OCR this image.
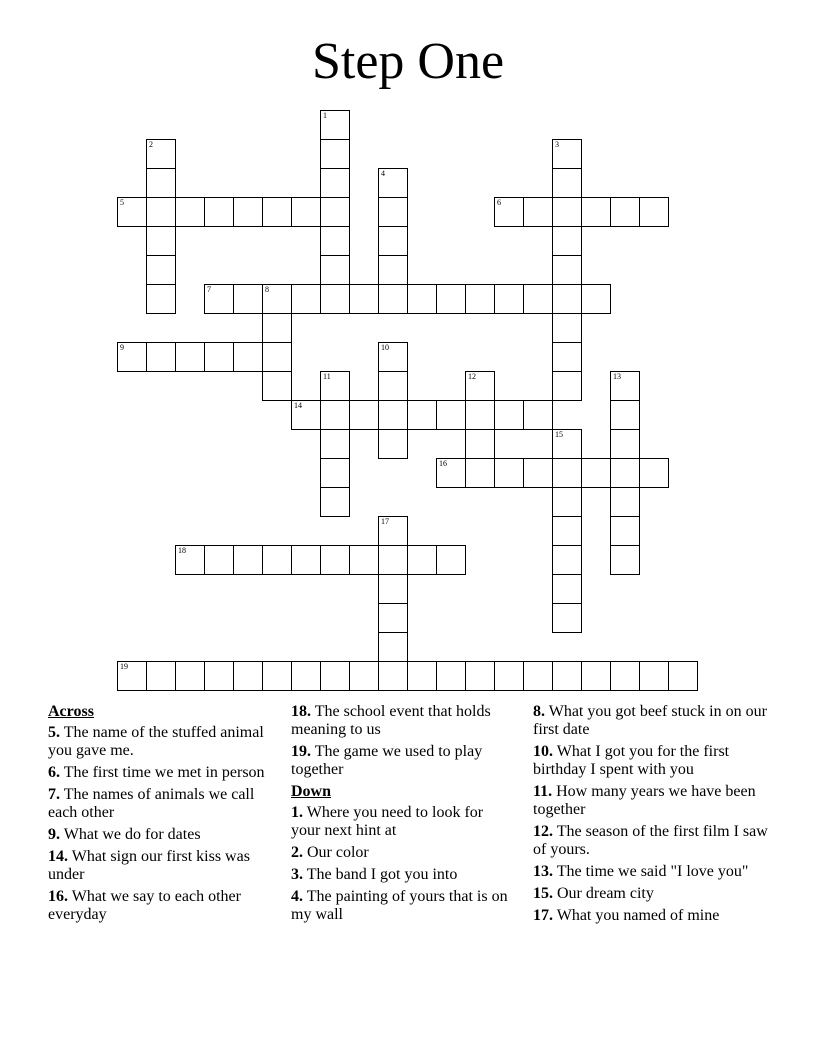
Step One
1
2	3
4
5	6
7	8
9	10
11	12	13
14
15
16
17
18
19
Across
5. The name of the stuffed animal you gave me.
6. The first time we met in person
7. The names of animals we call each other
9. What we do for dates
14. What sign our first kiss was under
16. What we say to each other everyday
18. The school event that holds meaning to us
19. The game we used to play together
Down
1. Where you need to look for your next hint at
2. Our color
3. The band I got you into
4. The painting of yours that is on my wall
8. What you got beef stuck in on our first date
10. What I got you for the first birthday I spent with you
11. How many years we have been together
12. The season of the first film I saw of yours.
13. The time we said "I love you"
15. Our dream city
17. What you named of mine
